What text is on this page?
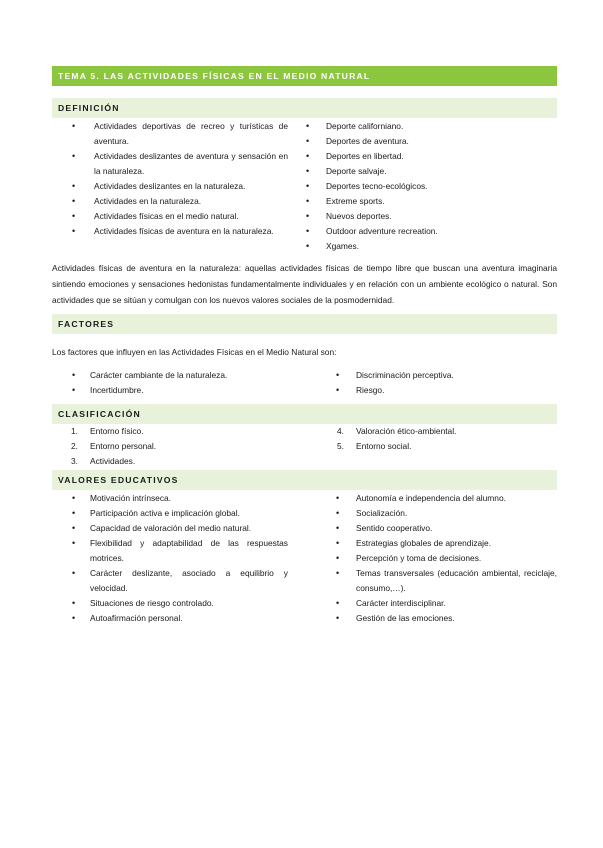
TEMA 5. LAS ACTIVIDADES FÍSICAS EN EL MEDIO NATURAL
DEFINICIÓN
• Actividades deportivas de recreo y turísticas de aventura.
• Actividades deslizantes de aventura y sensación en la naturaleza.
• Actividades deslizantes en la naturaleza.
• Actividades en la naturaleza.
• Actividades físicas en el medio natural.
• Actividades físicas de aventura en la naturaleza.
• Deporte californiano.
• Deportes de aventura.
• Deportes en libertad.
• Deporte salvaje.
• Deportes tecno-ecológicos.
• Extreme sports.
• Nuevos deportes.
• Outdoor adventure recreation.
• Xgames.

Actividades físicas de aventura en la naturaleza: aquellas actividades físicas de tiempo libre que buscan una aventura imaginaria sintiendo emociones y sensaciones hedonistas fundamentalmente individuales y en relación con un ambiente ecológico o natural. Son actividades que se sitúan y comulgan con los nuevos valores sociales de la posmodernidad.

FACTORES

Los factores que influyen en las Actividades Físicas en el Medio Natural son:

• Carácter cambiante de la naturaleza.
• Incertidumbre.
• Discriminación perceptiva.
• Riesgo.
CLASIFICACIÓN
1. Entorno físico.
2. Entorno personal.
3. Actividades.
4. Valoración ético-ambiental.
5. Entorno social.
VALORES EDUCATIVOS
• Motivación intrínseca.
• Participación activa e implicación global.
• Capacidad de valoración del medio natural.
• Flexibilidad y adaptabilidad de las respuestas motrices.
• Carácter deslizante, asociado a equilibrio y velocidad.
• Situaciones de riesgo controlado.
• Autoafirmación personal.
• Autonomía e independencia del alumno.
• Socialización.
• Sentido cooperativo.
• Estrategias globales de aprendizaje.
• Percepción y toma de decisiones.
• Temas transversales (educación ambiental, reciclaje, consumo,…).
• Carácter interdisciplinar.
• Gestión de las emociones.
